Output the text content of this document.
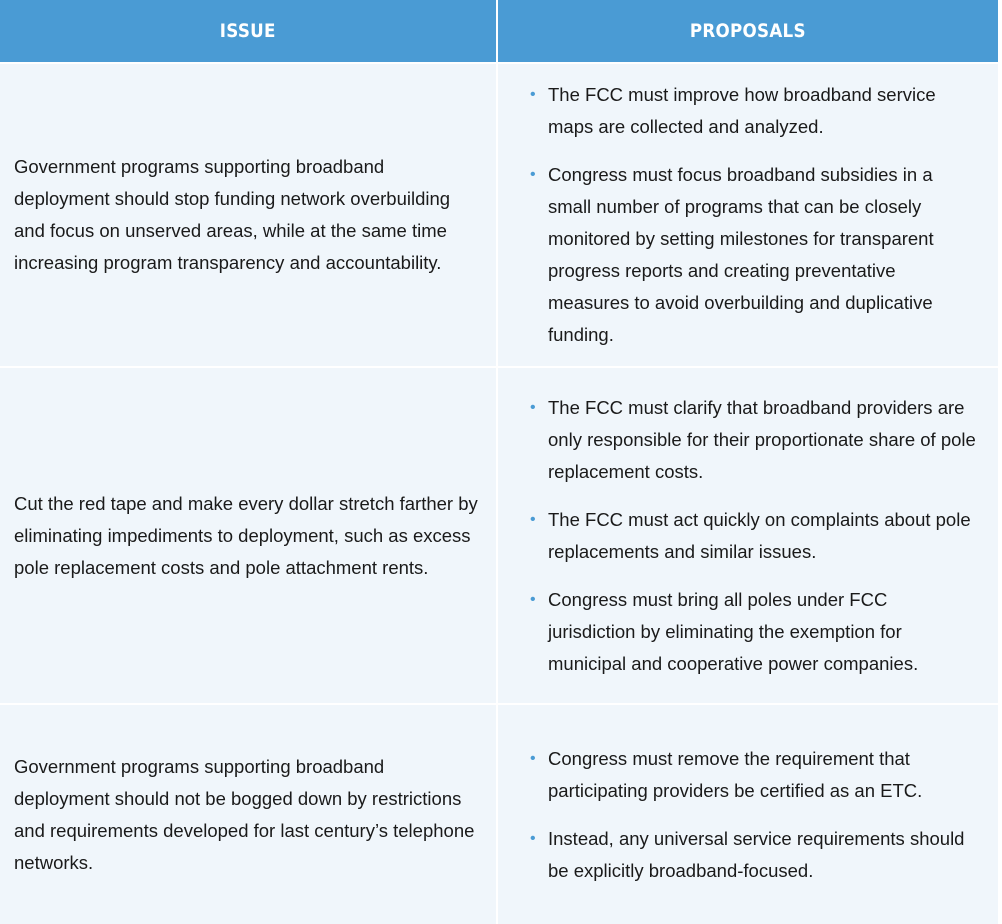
ISSUE	PROPOSALS
Government programs supporting broadband deployment should stop funding network overbuilding and focus on unserved areas, while at the same time increasing program transparency and accountability.
• The FCC must improve how broadband service maps are collected and analyzed.
• Congress must focus broadband subsidies in a small number of programs that can be closely monitored by setting milestones for transparent progress reports and creating preventative measures to avoid overbuilding and duplicative funding.
Cut the red tape and make every dollar stretch farther by eliminating impediments to deployment, such as excess pole replacement costs and pole attachment rents.
• The FCC must clarify that broadband providers are only responsible for their proportionate share of pole replacement costs.
• The FCC must act quickly on complaints about pole replacements and similar issues.
• Congress must bring all poles under FCC jurisdiction by eliminating the exemption for municipal and cooperative power companies.
Government programs supporting broadband deployment should not be bogged down by restrictions and requirements developed for last century’s telephone networks.
• Congress must remove the requirement that participating providers be certified as an ETC.
• Instead, any universal service requirements should be explicitly broadband-focused.
